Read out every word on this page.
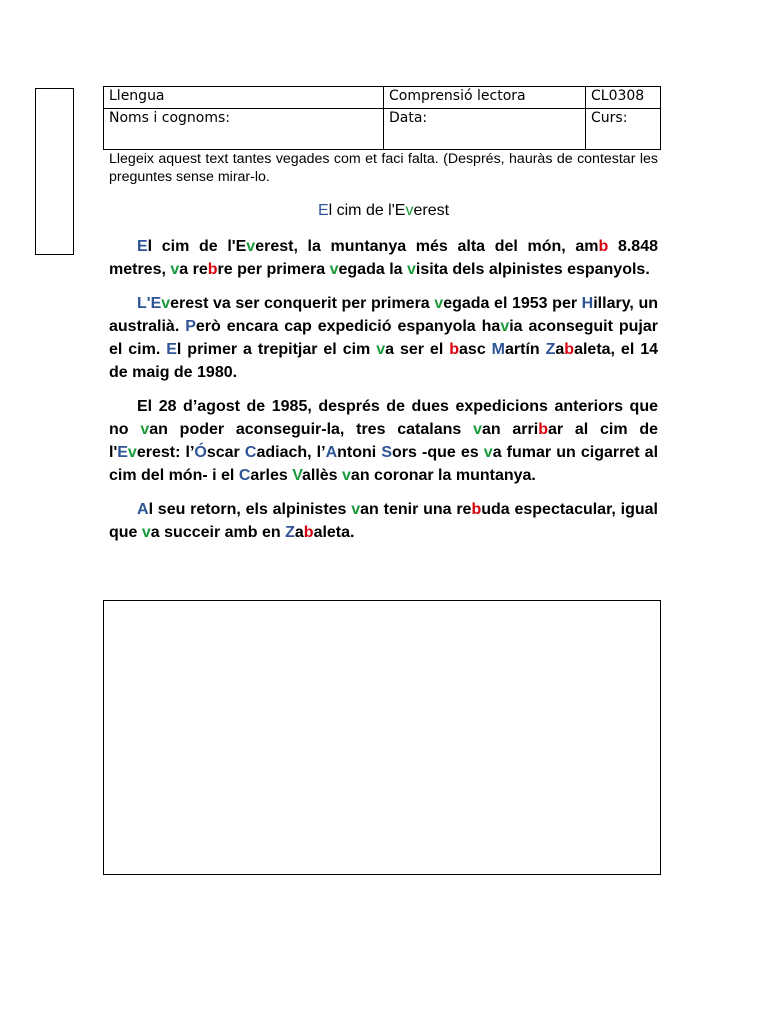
Llengua	Comprensió lectora	CL0308
Noms i cognoms:	Data:	Curs:
Llegeix aquest text tantes vegades com et faci falta. (Després, hauràs de contestar les preguntes sense mirar-lo.
El cim de l'Everest

El cim de l'Everest, la muntanya més alta del món, amb 8.848 metres, va rebre per primera vegada la visita dels alpinistes espanyols.

L'Everest va ser conquerit per primera vegada el 1953 per Hillary, un australià. Però encara cap expedició espanyola havia aconseguit pujar el cim. El primer a trepitjar el cim va ser el basc Martín Zabaleta, el 14 de maig de 1980.

El 28 d’agost de 1985, després de dues expedicions anteriors que no van poder aconseguir-la, tres catalans van arribar al cim de l'Everest: l’Óscar Cadiach, l’Antoni Sors -que es va fumar un cigarret al cim del món- i el Carles Vallès van coronar la muntanya.

Al seu retorn, els alpinistes van tenir una rebuda espectacular, igual que va succeir amb en Zabaleta.
